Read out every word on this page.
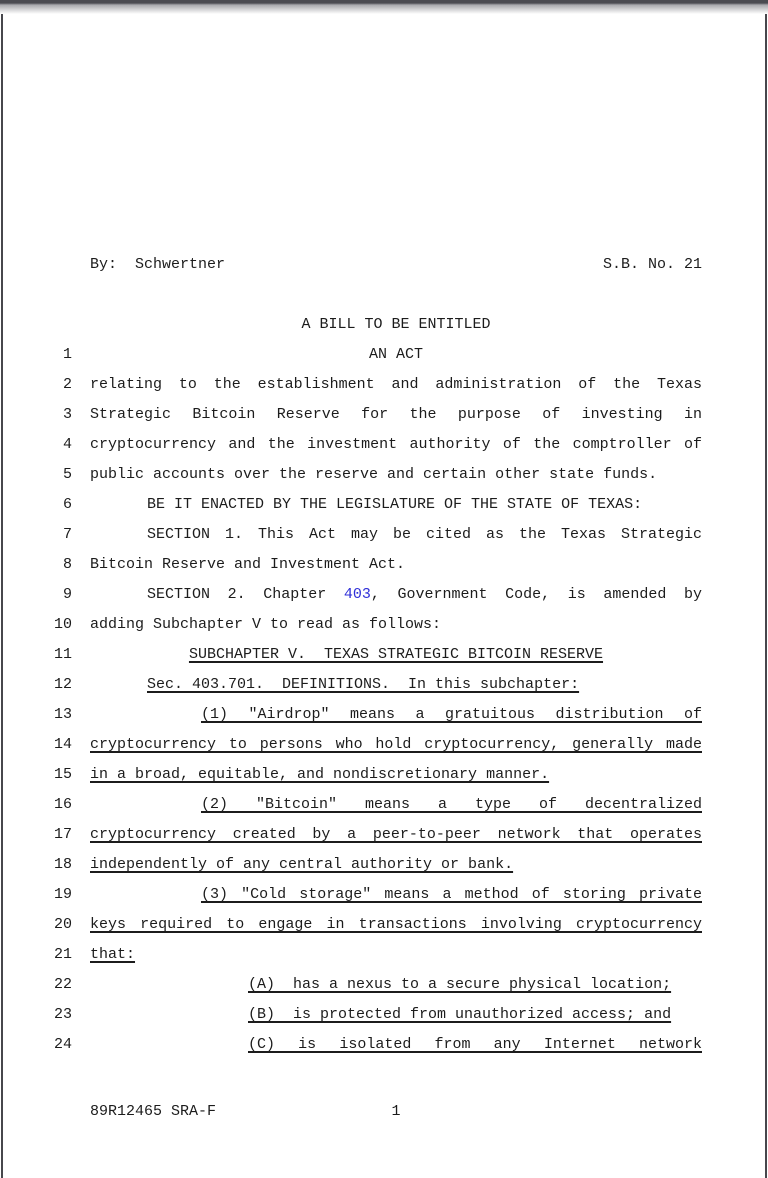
By:  Schwertner	S.B. No. 21
A BILL TO BE ENTITLED
1	AN ACT
2 relating to the establishment and administration of the Texas
3 Strategic Bitcoin Reserve for the purpose of investing in
4 cryptocurrency and the investment authority of the comptroller of
5 public accounts over the reserve and certain other state funds.
6	BE IT ENACTED BY THE LEGISLATURE OF THE STATE OF TEXAS:
7	SECTION 1. This Act may be cited as the Texas Strategic
8 Bitcoin Reserve and Investment Act.
9	SECTION 2. Chapter 403, Government Code, is amended by
10 adding Subchapter V to read as follows:
11	SUBCHAPTER V.  TEXAS STRATEGIC BITCOIN RESERVE
12	Sec. 403.701.  DEFINITIONS.  In this subchapter:
13	(1) "Airdrop" means a gratuitous distribution of
14 cryptocurrency to persons who hold cryptocurrency, generally made
15 in a broad, equitable, and nondiscretionary manner.
16	(2) "Bitcoin" means a type of decentralized
17 cryptocurrency created by a peer-to-peer network that operates
18 independently of any central authority or bank.
19	(3) "Cold storage" means a method of storing private
20 keys required to engage in transactions involving cryptocurrency
21 that:
22	(A)  has a nexus to a secure physical location;
23	(B)  is protected from unauthorized access; and
24	(C) is isolated from any Internet network
89R12465 SRA-F	1
